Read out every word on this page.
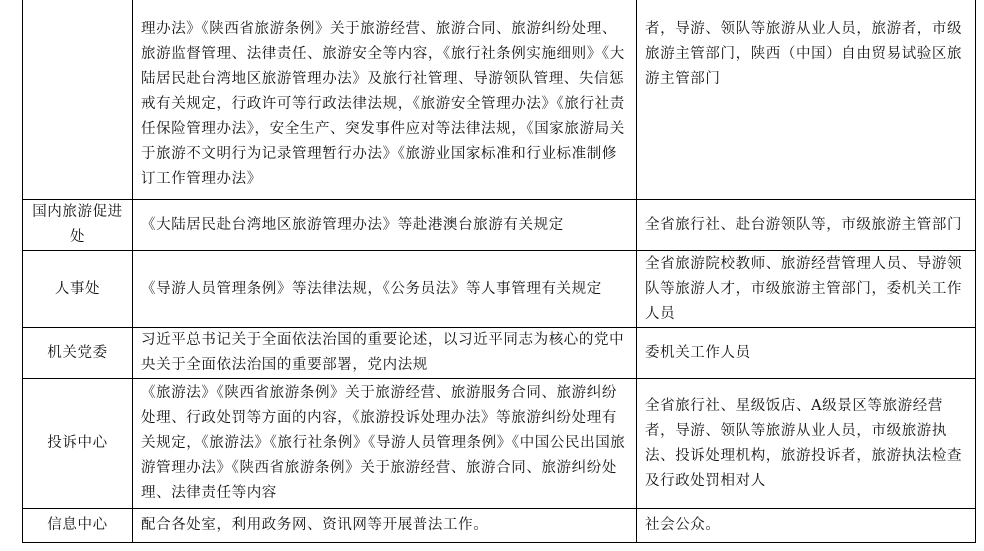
	理办法》《陕西省旅游条例》关于旅游经营、旅游合同、旅游纠纷处理、旅游监督管理、法律责任、旅游安全等内容，《旅行社条例实施细则》《大陆居民赴台湾地区旅游管理办法》及旅行社管理、导游领队管理、失信惩戒有关规定，行政许可等行政法律法规，《旅游安全管理办法》《旅行社责任保险管理办法》，安全生产、突发事件应对等法律法规，《国家旅游局关于旅游不文明行为记录管理暂行办法》《旅游业国家标准和行业标准制修订工作管理办法》	者，导游、领队等旅游从业人员，旅游者，市级旅游主管部门，陕西（中国）自由贸易试验区旅游主管部门
国内旅游促进处	《大陆居民赴台湾地区旅游管理办法》等赴港澳台旅游有关规定	全省旅行社、赴台游领队等，市级旅游主管部门
人事处	《导游人员管理条例》等法律法规，《公务员法》等人事管理有关规定	全省旅游院校教师、旅游经营管理人员、导游领队等旅游人才，市级旅游主管部门，委机关工作人员
机关党委	习近平总书记关于全面依法治国的重要论述，以习近平同志为核心的党中央关于全面依法治国的重要部署，党内法规	委机关工作人员
投诉中心	《旅游法》《陕西省旅游条例》关于旅游经营、旅游服务合同、旅游纠纷处理、行政处罚等方面的内容，《旅游投诉处理办法》等旅游纠纷处理有关规定，《旅游法》《旅行社条例》《导游人员管理条例》《中国公民出国旅游管理办法》《陕西省旅游条例》关于旅游经营、旅游合同、旅游纠纷处理、法律责任等内容	全省旅行社、星级饭店、A级景区等旅游经营者，导游、领队等旅游从业人员，市级旅游执法、投诉处理机构，旅游投诉者，旅游执法检查及行政处罚相对人
信息中心	配合各处室，利用政务网、资讯网等开展普法工作。	社会公众。
